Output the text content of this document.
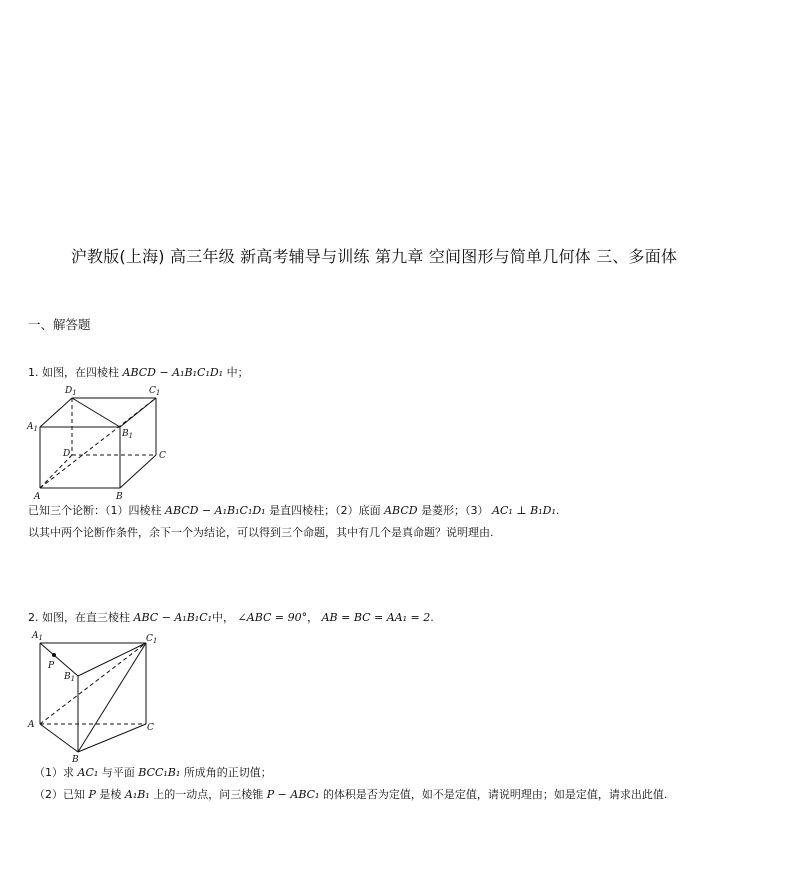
沪教版(上海) 高三年级 新高考辅导与训练 第九章 空间图形与简单几何体 三、多面体
一、解答题
1. 如图，在四棱柱 ABCD − A₁B₁C₁D₁ 中；
$D_1$	$C_1$
$A_1$	$B_1$
D	C
A	B
已知三个论断：（1）四棱柱 ABCD − A₁B₁C₁D₁ 是直四棱柱；（2）底面 ABCD 是菱形；（3） AC₁ ⊥ B₁D₁.
以其中两个论断作条件，余下一个为结论，可以得到三个命题，其中有几个是真命题？说明理由.
2. 如图，在直三棱柱 ABC − A₁B₁C₁中， ∠ABC = 90°， AB = BC = AA₁ = 2.
$A_1$	$C_1$
P
$B_1$
A	C
B
（1）求 AC₁ 与平面 BCC₁B₁ 所成角的正切值；
（2）已知 P 是棱 A₁B₁ 上的一动点，问三棱锥 P − ABC₁ 的体积是否为定值，如不是定值，请说明理由；如是定值，请求出此值.
